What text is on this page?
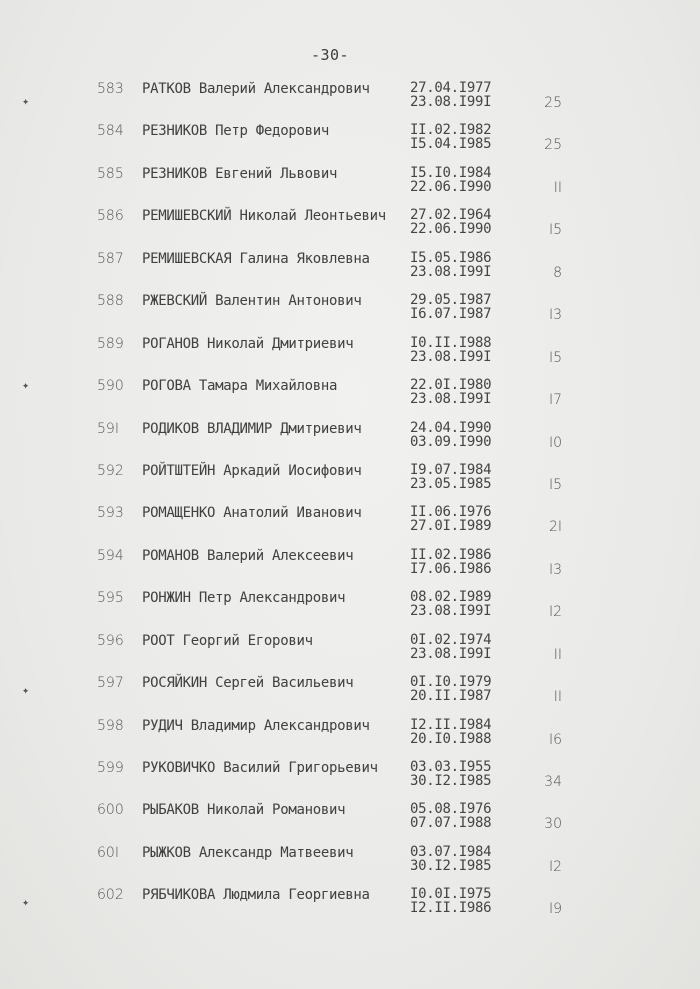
✦
✦
✦
✦
-30-
583 РАТКОВ Валерий Александрович	27.04.I977
23.08.I99I	25
584 РЕЗНИКОВ Петр Федорович	II.02.I982
I5.04.I985	25
585 РЕЗНИКОВ Евгений Львович	I5.I0.I984
22.06.I990	II
586 РЕМИШЕВСКИЙ Николай Леонтьевич 27.02.I964
22.06.I990	I5
587 РЕМИШЕВСКАЯ Галина Яковлевна	I5.05.I986
23.08.I99I	8
588 РЖЕВСКИЙ Валентин Антонович	29.05.I987
I6.07.I987	I3
589 РОГАНОВ Николай Дмитриевич	I0.II.I988
23.08.I99I	I5
590 РОГОВА Тамара Михайловна	22.0I.I980
23.08.I99I	I7
59I РОДИКОВ ВЛАДИМИР Дмитриевич	24.04.I990
03.09.I990	I0
592 РОЙТШТЕЙН Аркадий Иосифович	I9.07.I984
23.05.I985	I5
593 РОМАЩЕНКО Анатолий Иванович	II.06.I976
27.0I.I989	2I
594 РОМАНОВ Валерий Алексеевич	II.02.I986
I7.06.I986	I3
595 РОНЖИН Петр Александрович	08.02.I989
23.08.I99I	I2
596 РООТ Георгий Егорович	0I.02.I974
23.08.I99I	II
597 РОСЯЙКИН Сергей Васильевич	0I.I0.I979
20.II.I987	II
598 РУДИЧ Владимир Александрович	I2.II.I984
20.I0.I988	I6
599 РУКОВИЧКО Василий Григорьевич 03.03.I955
30.I2.I985	34
600 РЫБАКОВ Николай Романович	05.08.I976
07.07.I988	30
60I РЫЖКОВ Александр Матвеевич	03.07.I984
30.I2.I985	I2
602 РЯБЧИКОВА Людмила Георгиевна	I0.0I.I975
I2.II.I986	I9
